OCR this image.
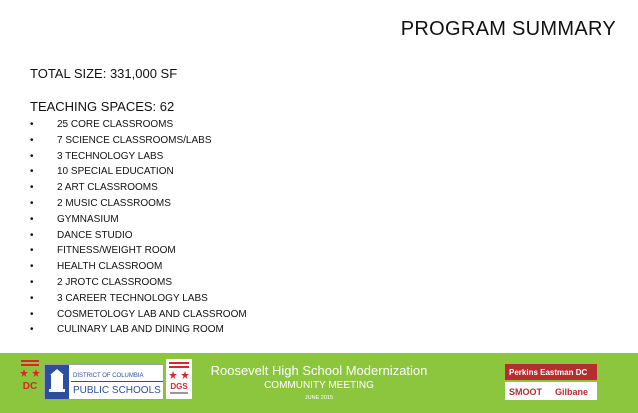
PROGRAM SUMMARY
TOTAL SIZE: 331,000 SF
TEACHING SPACES: 62
•	25 CORE CLASSROOMS
•	7 SCIENCE CLASSROOMS/LABS
•	3 TECHNOLOGY LABS
•	10 SPECIAL EDUCATION
•	2 ART CLASSROOMS
•	2 MUSIC CLASSROOMS
•	GYMNASIUM
•	DANCE STUDIO
•	FITNESS/WEIGHT ROOM
•	HEALTH CLASSROOM
•	2 JROTC CLASSROOMS
•	3 CAREER TECHNOLOGY LABS
•	COSMETOLOGY LAB AND CLASSROOM
•	CULINARY LAB AND DINING ROOM
Roosevelt High School Modernization
COMMUNITY MEETING
JUNE 2015
DC
DISTRICT OF COLUMBIA
PUBLIC SCHOOLS DGS
Perkins Eastman DC
SMOOT Gilbane
